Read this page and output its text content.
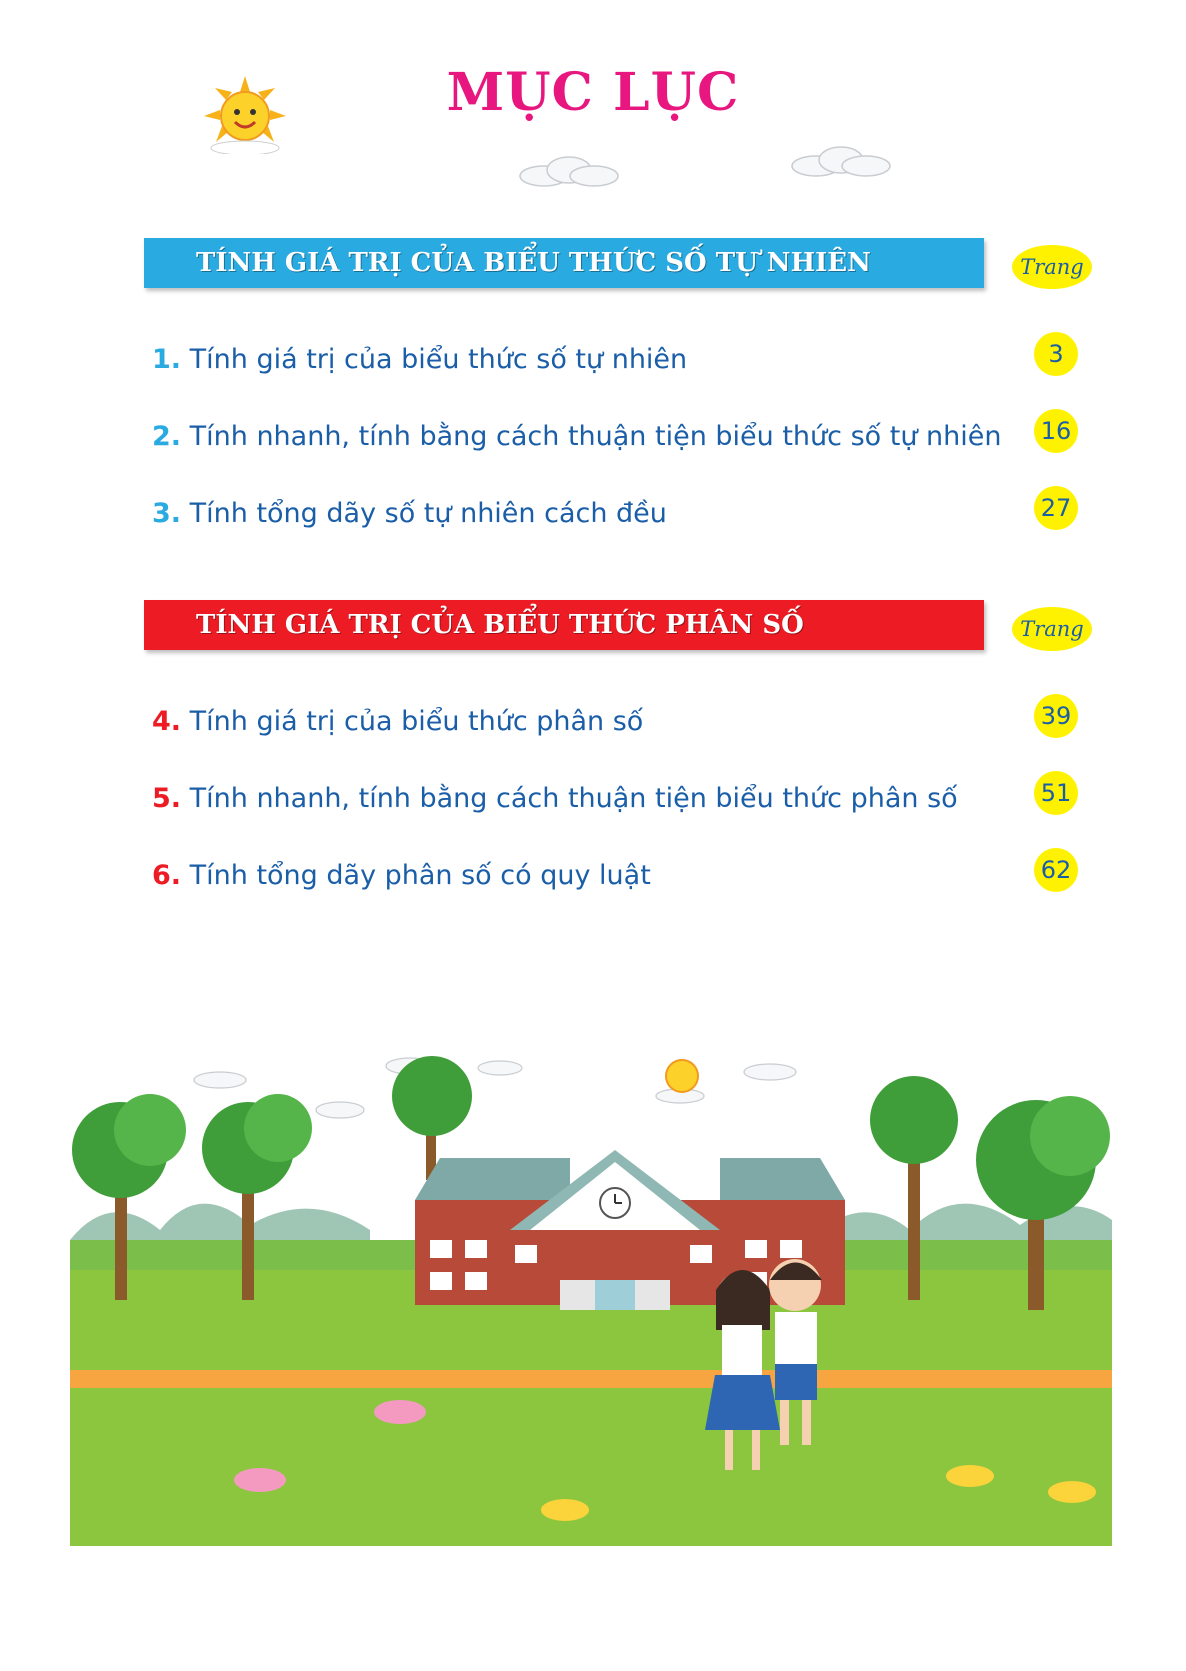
MỤC LỤC
TÍNH GIÁ TRỊ CỦA BIỂU THỨC SỐ TỰ NHIÊN	Trang
1. Tính giá trị của biểu thức số tự nhiên	3
2. Tính nhanh, tính bằng cách thuận tiện biểu thức số tự nhiên 16
3. Tính tổng dãy số tự nhiên cách đều	27
TÍNH GIÁ TRỊ CỦA BIỂU THỨC PHÂN SỐ	Trang
4. Tính giá trị của biểu thức phân số	39
5. Tính nhanh, tính bằng cách thuận tiện biểu thức phân số	51
6. Tính tổng dãy phân số có quy luật	62
